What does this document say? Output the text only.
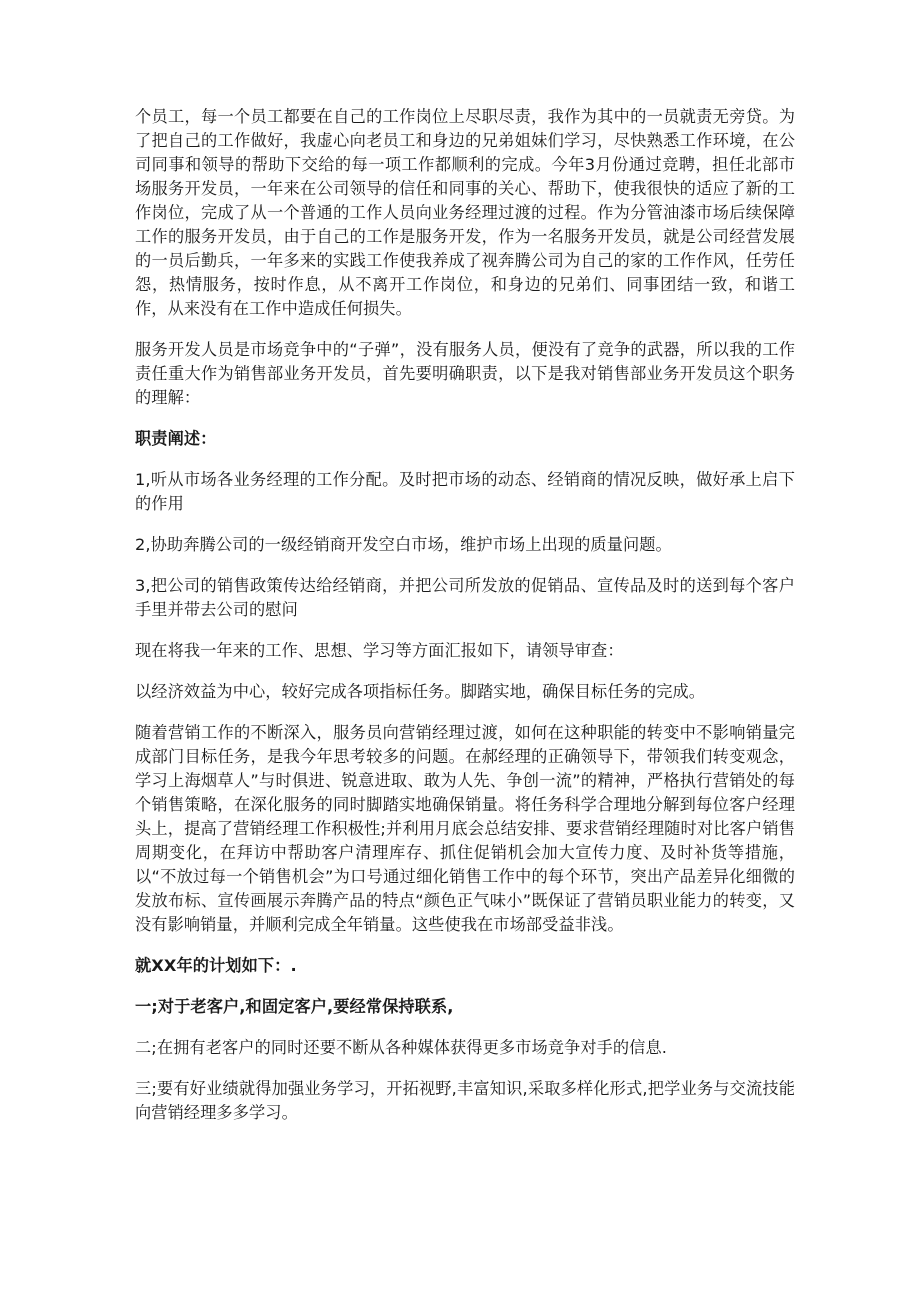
个员工，每一个员工都要在自己的工作岗位上尽职尽责，我作为其中的一员就责无旁贷。为了把自己的工作做好，我虚心向老员工和身边的兄弟姐妹们学习，尽快熟悉工作环境，在公司同事和领导的帮助下交给的每一项工作都顺利的完成。今年3月份通过竞聘，担任北部市场服务开发员，一年来在公司领导的信任和同事的关心、帮助下，使我很快的适应了新的工作岗位，完成了从一个普通的工作人员向业务经理过渡的过程。作为分管油漆市场后续保障工作的服务开发员，由于自己的工作是服务开发，作为一名服务开发员，就是公司经营发展的一员后勤兵，一年多来的实践工作使我养成了视奔腾公司为自己的家的工作作风，任劳任怨，热情服务，按时作息，从不离开工作岗位，和身边的兄弟们、同事团结一致，和谐工作，从来没有在工作中造成任何损失。

服务开发人员是市场竞争中的“子弹”，没有服务人员，便没有了竞争的武器，所以我的工作责任重大作为销售部业务开发员，首先要明确职责，以下是我对销售部业务开发员这个职务的理解：

职责阐述：

1,听从市场各业务经理的工作分配。及时把市场的动态、经销商的情况反映，做好承上启下的作用

2,协助奔腾公司的一级经销商开发空白市场，维护市场上出现的质量问题。

3,把公司的销售政策传达给经销商，并把公司所发放的促销品、宣传品及时的送到每个客户手里并带去公司的慰问

现在将我一年来的工作、思想、学习等方面汇报如下，请领导审查：

以经济效益为中心，较好完成各项指标任务。脚踏实地，确保目标任务的完成。

随着营销工作的不断深入，服务员向营销经理过渡，如何在这种职能的转变中不影响销量完成部门目标任务，是我今年思考较多的问题。在郝经理的正确领导下，带领我们转变观念，学习上海烟草人”与时俱进、锐意进取、敢为人先、争创一流”的精神，严格执行营销处的每个销售策略，在深化服务的同时脚踏实地确保销量。将任务科学合理地分解到每位客户经理头上，提高了营销经理工作积极性;并利用月底会总结安排、要求营销经理随时对比客户销售周期变化，在拜访中帮助客户清理库存、抓住促销机会加大宣传力度、及时补货等措施，以“不放过每一个销售机会”为口号通过细化销售工作中的每个环节，突出产品差异化细微的发放布标、宣传画展示奔腾产品的特点“颜色正气味小”既保证了营销员职业能力的转变，又没有影响销量，并顺利完成全年销量。这些使我在市场部受益非浅。

就XX年的计划如下：.

一;对于老客户,和固定客户,要经常保持联系,

二;在拥有老客户的同时还要不断从各种媒体获得更多市场竞争对手的信息.

三;要有好业绩就得加强业务学习，开拓视野,丰富知识,采取多样化形式,把学业务与交流技能向营销经理多多学习。
